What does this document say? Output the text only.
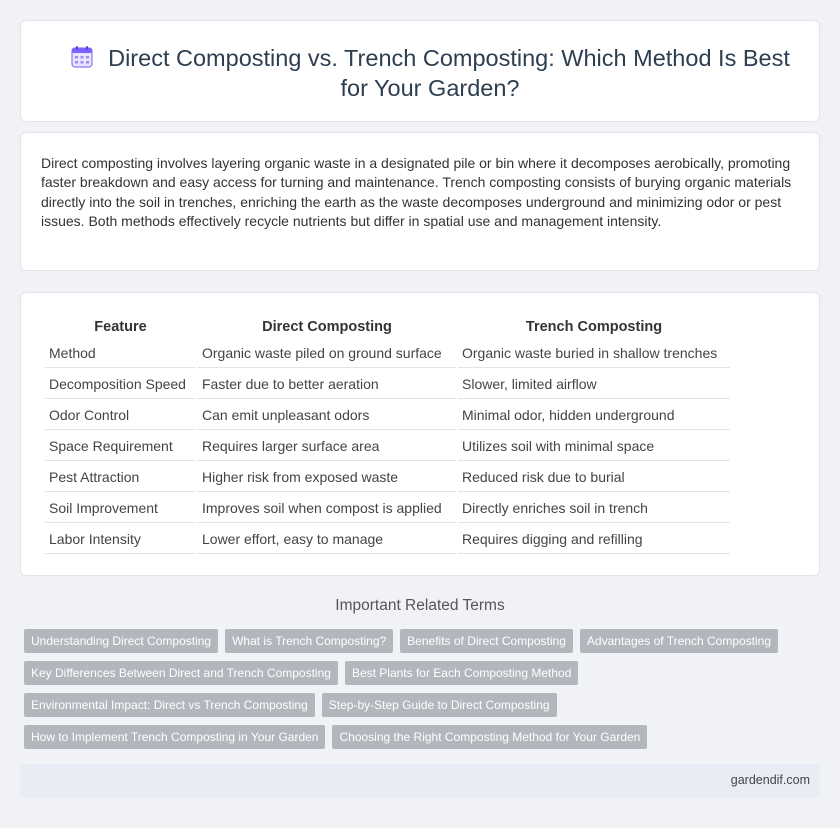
Direct Composting vs. Trench Composting: Which Method Is Best for Your Garden?

Direct composting involves layering organic waste in a designated pile or bin where it decomposes aerobically, promoting faster breakdown and easy access for turning and maintenance. Trench composting consists of burying organic materials directly into the soil in trenches, enriching the earth as the waste decomposes underground and minimizing odor or pest issues. Both methods effectively recycle nutrients but differ in spatial use and management intensity.

Feature	Direct Composting	Trench Composting
Method	Organic waste piled on ground surface	Organic waste buried in shallow trenches
Decomposition Speed	Faster due to better aeration	Slower, limited airflow
Odor Control	Can emit unpleasant odors	Minimal odor, hidden underground
Space Requirement	Requires larger surface area	Utilizes soil with minimal space
Pest Attraction	Higher risk from exposed waste	Reduced risk due to burial
Soil Improvement	Improves soil when compost is applied	Directly enriches soil in trench
Labor Intensity	Lower effort, easy to manage	Requires digging and refilling
Important Related Terms
Understanding Direct Composting	What is Trench Composting?	Benefits of Direct Composting	Advantages of Trench Composting
Key Differences Between Direct and Trench Composting	Best Plants for Each Composting Method
Environmental Impact: Direct vs Trench Composting	Step-by-Step Guide to Direct Composting
How to Implement Trench Composting in Your Garden	Choosing the Right Composting Method for Your Garden
gardendif.com
